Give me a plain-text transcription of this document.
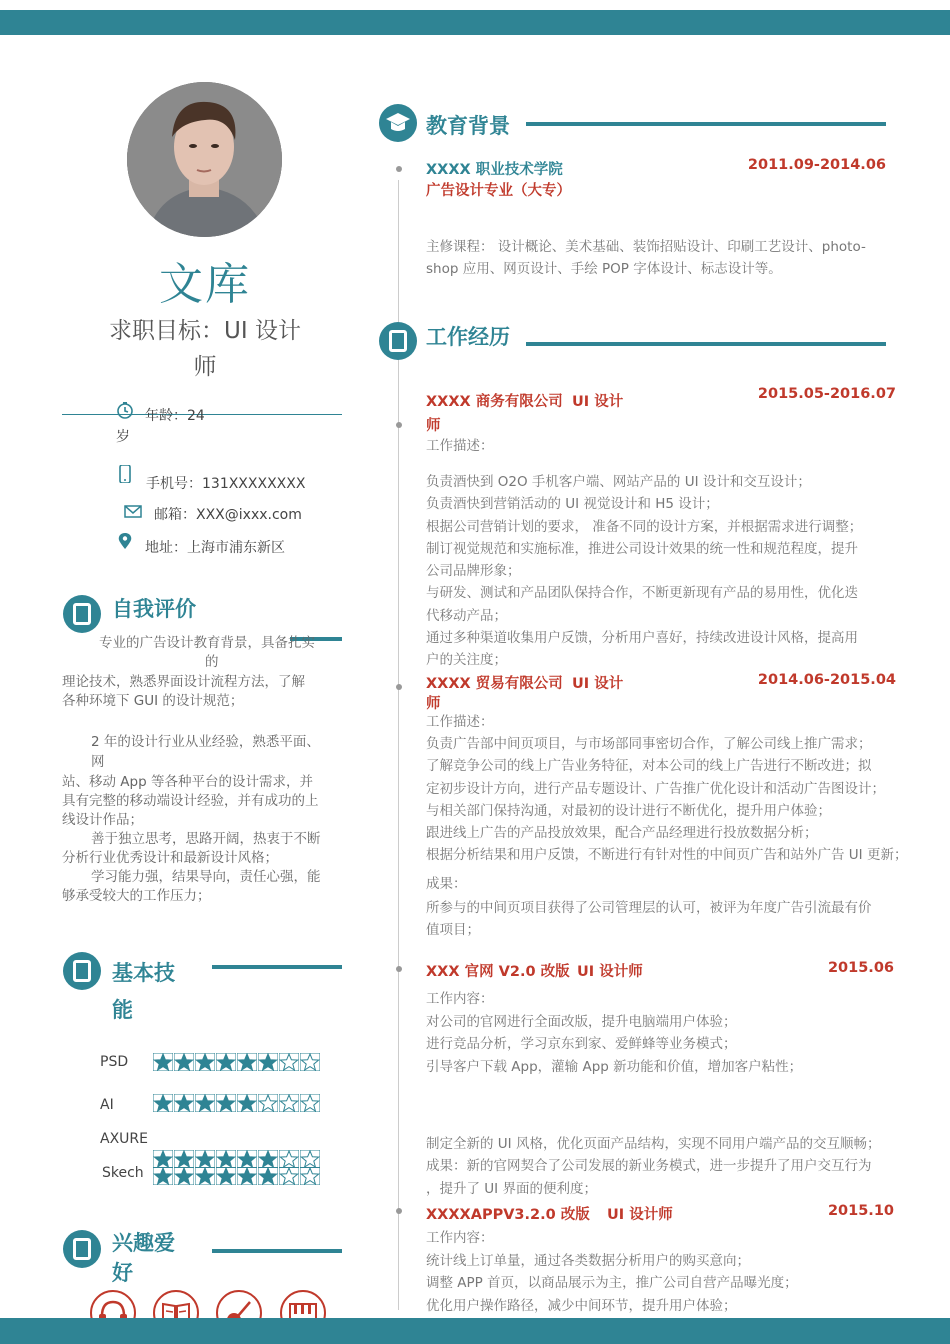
文库
求职目标：UI 设计
师
年龄：24
岁
手机号：131XXXXXXXX
邮箱：XXX@ixxx.com
地址：上海市浦东新区
自我评价
专业的广告设计教育背景，具备扎实
的
理论技术，熟悉界面设计流程方法，了解
各种环境下 GUI 的设计规范；
2 年的设计行业从业经验，熟悉平面、
网
站、移动 App 等各种平台的设计需求，并
具有完整的移动端设计经验，并有成功的上
线设计作品；
善于独立思考，思路开阔，热衷于不断
分析行业优秀设计和最新设计风格；
学习能力强，结果导向，责任心强，能
够承受较大的工作压力；
基本技
能
PSD
AI
AXURE
Skech
兴趣爱
好
教育背景
XXXX 职业技术学院
广告设计专业（大专）
2011.09-2014.06
主修课程： 设计概论、美术基础、装饰招贴设计、印刷工艺设计、photo-
shop 应用、网页设计、手绘 POP 字体设计、标志设计等。
工作经历
XXXX 商务有限公司 UI 设计
师
2015.05-2016.07
工作描述：
负责酒快到 O2O 手机客户端、网站产品的 UI 设计和交互设计；
负责酒快到营销活动的 UI 视觉设计和 H5 设计；
根据公司营销计划的要求， 准备不同的设计方案，并根据需求进行调整；
制订视觉规范和实施标准，推进公司设计效果的统一性和规范程度，提升
公司品牌形象；
与研发、测试和产品团队保持合作，不断更新现有产品的易用性，优化迭
代移动产品；
通过多种渠道收集用户反馈，分析用户喜好，持续改进设计风格，提高用
户的关注度；
XXXX 贸易有限公司 UI 设计
师
2014.06-2015.04
工作描述：
负责广告部中间页项目，与市场部同事密切合作，了解公司线上推广需求；
了解竞争公司的线上广告业务特征，对本公司的线上广告进行不断改进；拟
定初步设计方向，进行产品专题设计、广告推广优化设计和活动广告图设计；
与相关部门保持沟通，对最初的设计进行不断优化，提升用户体验；
跟进线上广告的产品投放效果，配合产品经理进行投放数据分析；
根据分析结果和用户反馈，不断进行有针对性的中间页广告和站外广告 UI 更新；
成果：
所参与的中间页项目获得了公司管理层的认可，被评为年度广告引流最有价
值项目；
XXX 官网 V2.0 改版 UI 设计师	2015.06
工作内容：
对公司的官网进行全面改版，提升电脑端用户体验；
进行竞品分析，学习京东到家、爱鲜蜂等业务模式；
引导客户下载 App，灌输 App 新功能和价值，增加客户粘性；
制定全新的 UI 风格，优化页面产品结构，实现不同用户端产品的交互顺畅；
成果：新的官网契合了公司发展的新业务模式，进一步提升了用户交互行为
，提升了 UI 界面的便利度；
XXXXAPPV3.2.0 改版 UI 设计师	2015.10
工作内容：
统计线上订单量，通过各类数据分析用户的购买意向；
调整 APP 首页，以商品展示为主，推广公司自营产品曝光度；
优化用户操作路径，减少中间环节，提升用户体验；
